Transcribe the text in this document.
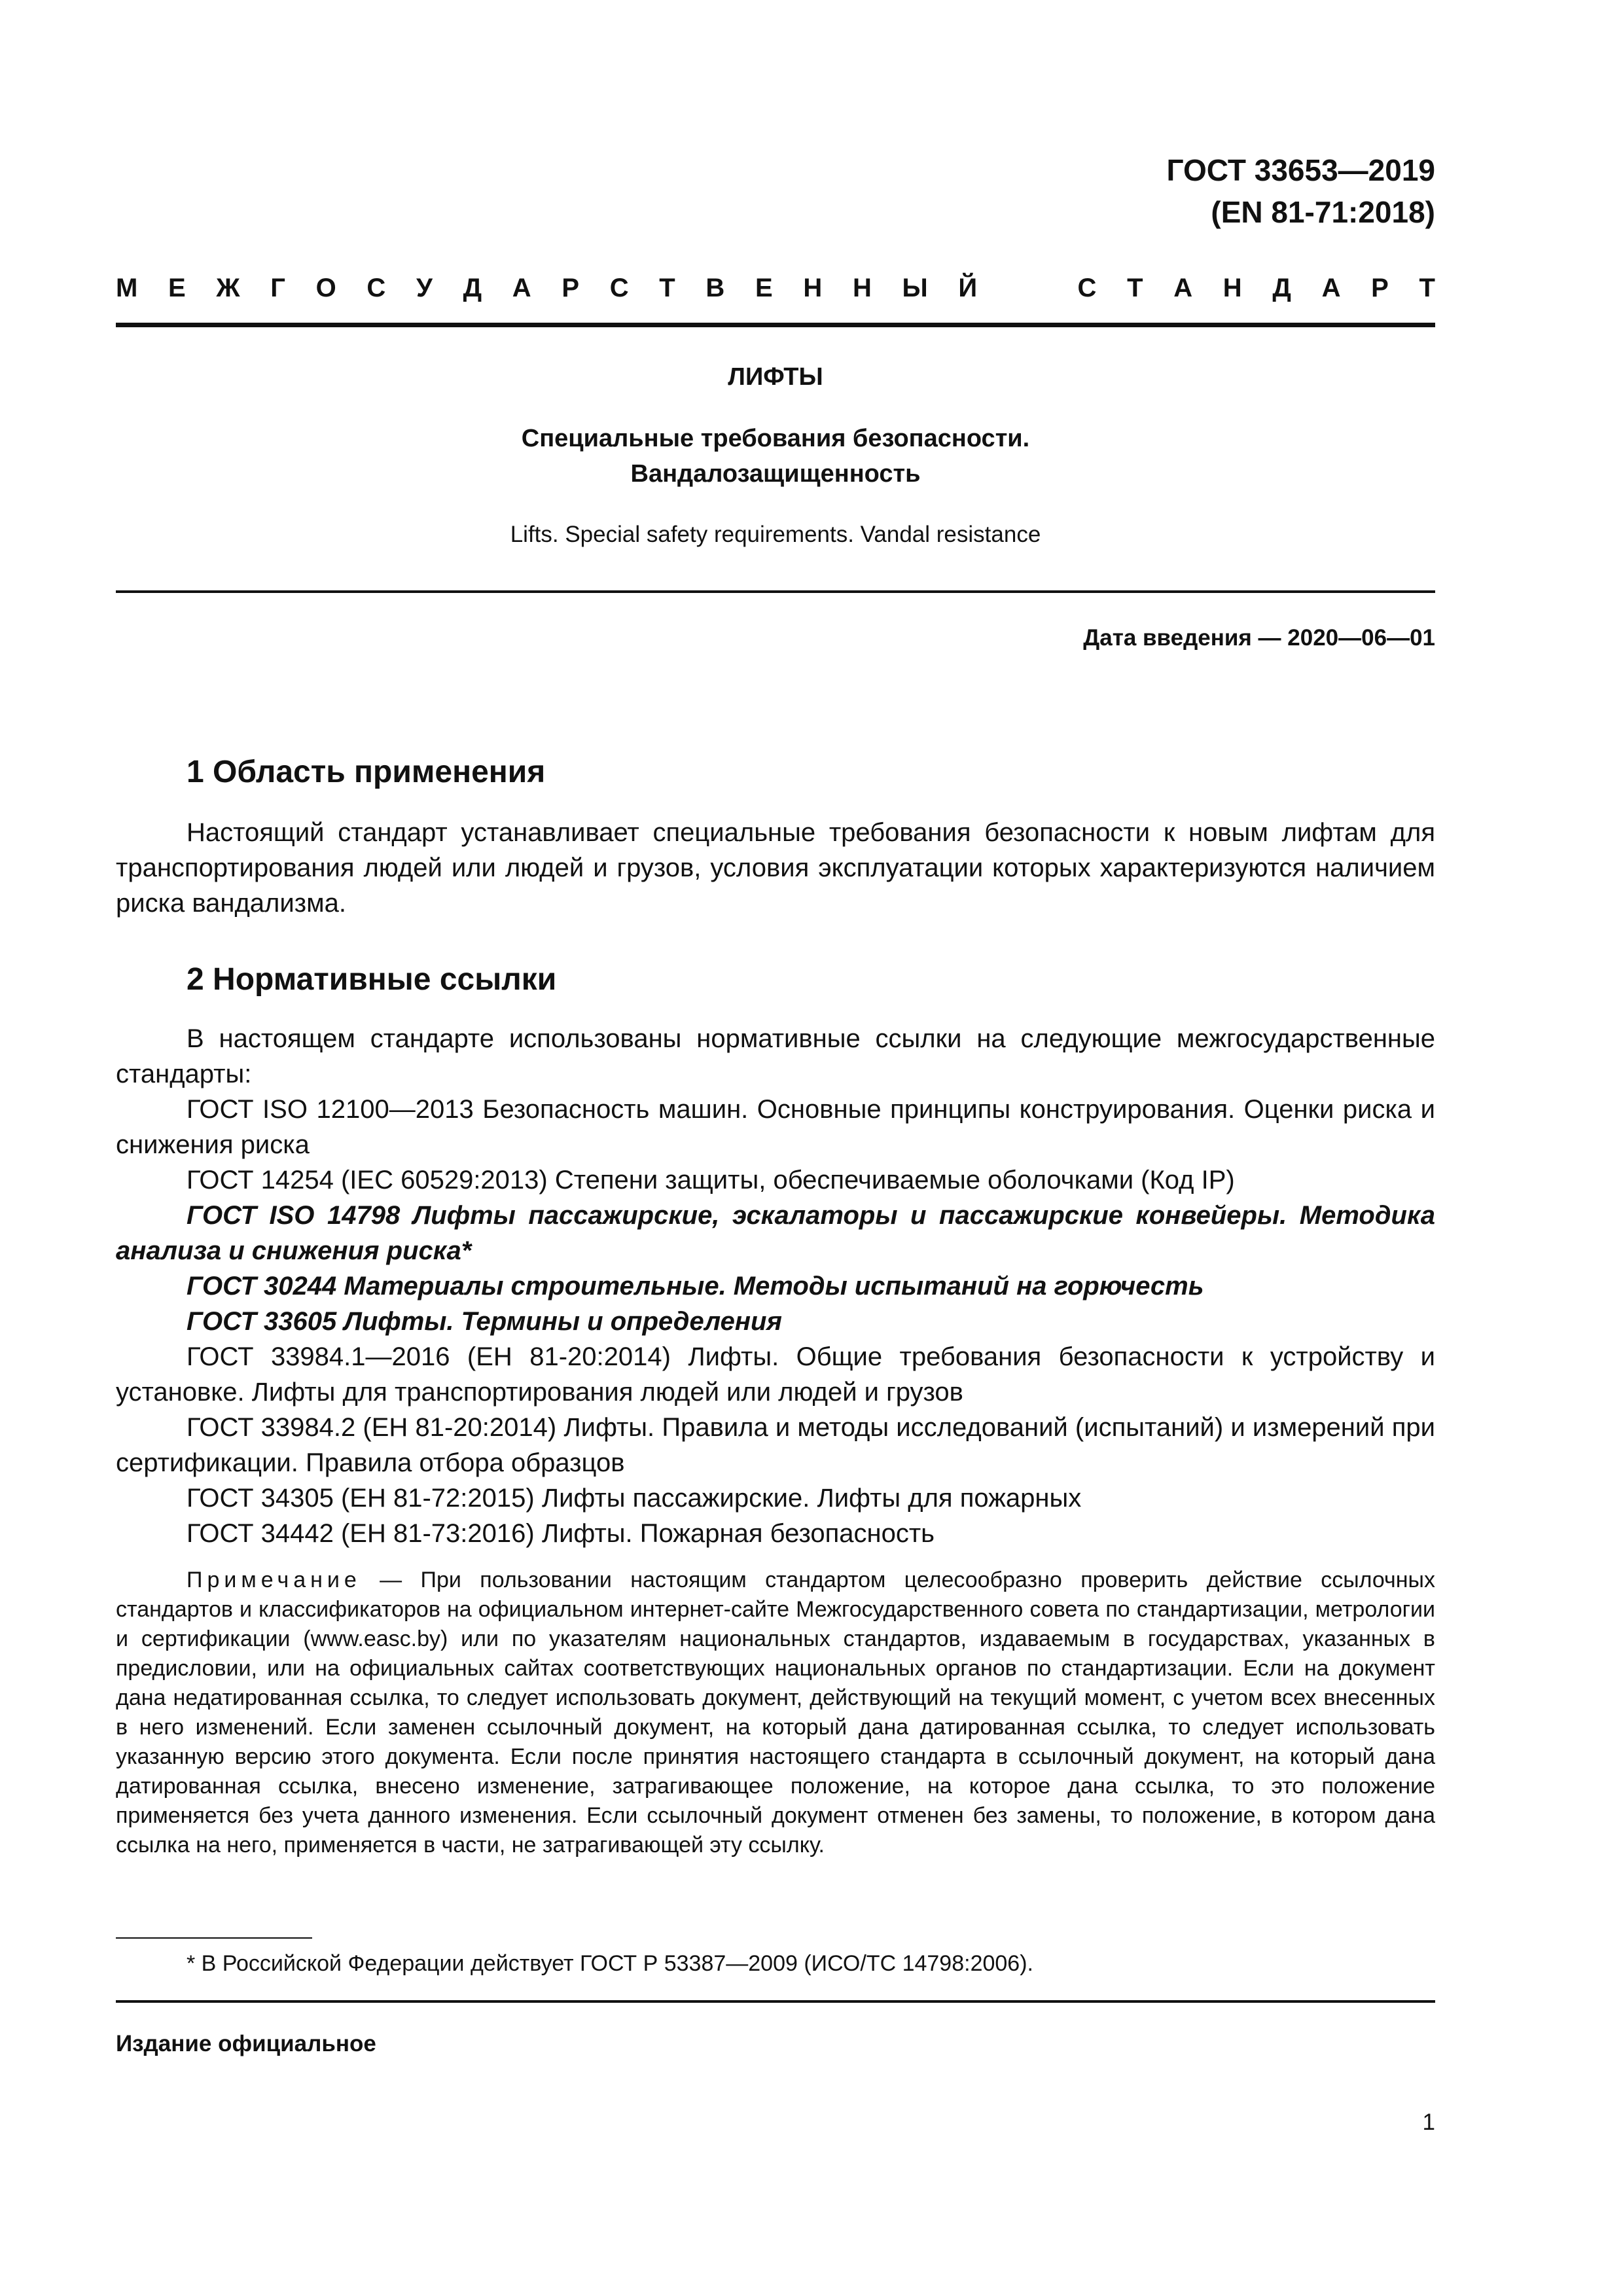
ГОСТ 33653—2019
(EN 81-71:2018)
М Е Ж Г О С У Д А Р С Т В Е Н Н Ы Й	С Т А Н Д А Р Т
ЛИФТЫ
Специальные требования безопасности.
Вандалозащищенность
Lifts. Special safety requirements. Vandal resistance
Дата введения — 2020—06—01
1 Область применения

Настоящий стандарт устанавливает специальные требования безопасности к новым лифтам для транспортирования людей или людей и грузов, условия эксплуатации которых характеризуются наличием риска вандализма.

2 Нормативные ссылки

В настоящем стандарте использованы нормативные ссылки на следующие межгосударственные стандарты:

ГОСТ ISO 12100—2013 Безопасность машин. Основные принципы конструирования. Оценки риска и снижения риска

ГОСТ 14254 (IEC 60529:2013) Степени защиты, обеспечиваемые оболочками (Код IP)

ГОСТ ISO 14798 Лифты пассажирские, эскалаторы и пассажирские конвейеры. Методика анализа и снижения риска*

ГОСТ 30244 Материалы строительные. Методы испытаний на горючесть

ГОСТ 33605 Лифты. Термины и определения

ГОСТ 33984.1—2016 (EH 81-20:2014) Лифты. Общие требования безопасности к устройству и установке. Лифты для транспортирования людей или людей и грузов

ГОСТ 33984.2 (EH 81-20:2014) Лифты. Правила и методы исследований (испытаний) и измерений при сертификации. Правила отбора образцов

ГОСТ 34305 (EH 81-72:2015) Лифты пассажирские. Лифты для пожарных

ГОСТ 34442 (EH 81-73:2016) Лифты. Пожарная безопасность

Примечание — При пользовании настоящим стандартом целесообразно проверить действие ссылочных стандартов и классификаторов на официальном интернет-сайте Межгосударственного совета по стандартизации, метрологии и сертификации (www.easc.by) или по указателям национальных стандартов, издаваемым в государствах, указанных в предисловии, или на официальных сайтах соответствующих национальных органов по стандартизации. Если на документ дана недатированная ссылка, то следует использовать документ, действующий на текущий момент, с учетом всех внесенных в него изменений. Если заменен ссылочный документ, на который дана датированная ссылка, то следует использовать указанную версию этого документа. Если после принятия настоящего стандарта в ссылочный документ, на который дана датированная ссылка, внесено изменение, затрагивающее положение, на которое дана ссылка, то это положение применяется без учета данного изменения. Если ссылочный документ отменен без замены, то положение, в котором дана ссылка на него, применяется в части, не затрагивающей эту ссылку.
* В Российской Федерации действует ГОСТ Р 53387—2009 (ИСО/ТС 14798:2006).
Издание официальное
1
